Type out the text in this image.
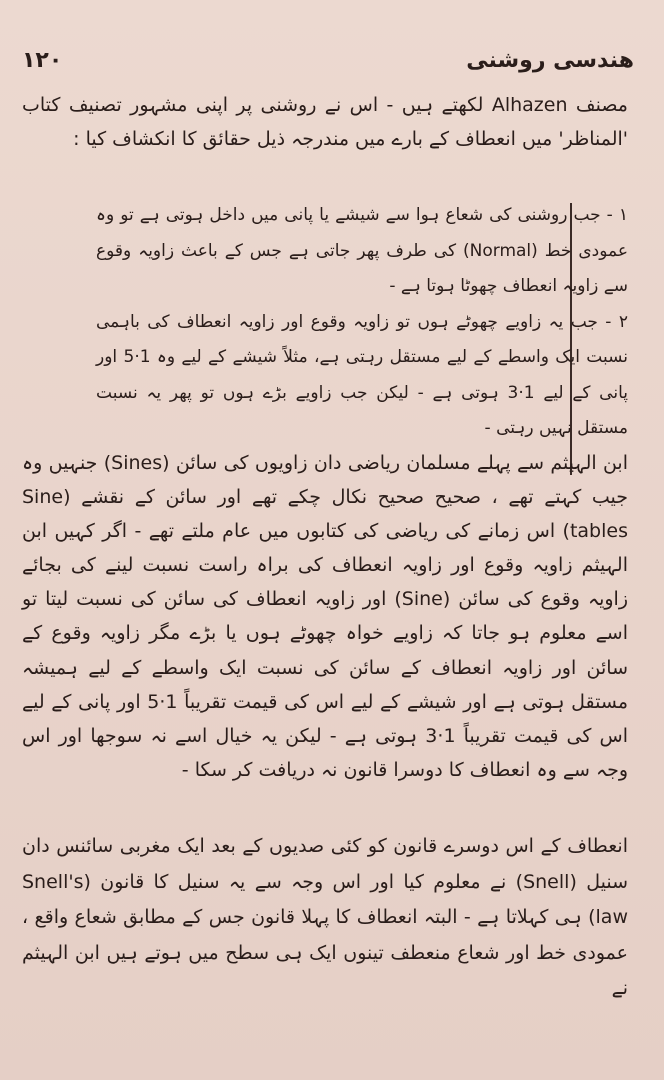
۱۲۰	هندسی روشنی

مصنف Alhazen لکھتے ہیں - اس نے روشنی پر اپنی مشہور تصنیف کتاب 'المناظر' میں انعطاف کے بارے میں مندرجہ ذیل حقائق کا انکشاف کیا :

۱ - جب روشنی کی شعاع ہوا سے شیشے یا پانی میں داخل ہوتی ہے تو وہ عمودی خط (Normal) کی طرف پھر جاتی ہے جس کے باعث زاویہ وقوع سے زاویہ انعطاف چھوٹا ہوتا ہے -

۲ - جب یہ زاویے چھوٹے ہوں تو زاویہ وقوع اور زاویہ انعطاف کی باہمی نسبت ایک واسطے کے لیے مستقل رہتی ہے، مثلاً شیشے کے لیے وہ 1·5 اور پانی کے لیے 1·3 ہوتی ہے - لیکن جب زاویے بڑے ہوں تو پھر یہ نسبت مستقل نہیں رہتی -

ابن الہیثم سے پہلے مسلمان ریاضی دان زاویوں کی سائن (Sines) جنہیں وہ جیب کہتے تھے ، صحیح صحیح نکال چکے تھے اور سائن کے نقشے (Sine tables) اس زمانے کی ریاضی کی کتابوں میں عام ملتے تھے - اگر کہیں ابن الہیثم زاویہ وقوع اور زاویہ انعطاف کی براہ راست نسبت لینے کی بجائے زاویہ وقوع کی سائن (Sine) اور زاویہ انعطاف کی سائن کی نسبت لیتا تو اسے معلوم ہو جاتا کہ زاویے خواہ چھوٹے ہوں یا بڑے مگر زاویہ وقوع کے سائن اور زاویہ انعطاف کے سائن کی نسبت ایک واسطے کے لیے ہمیشہ مستقل ہوتی ہے اور شیشے کے لیے اس کی قیمت تقریباً 1·5 اور پانی کے لیے اس کی قیمت تقریباً 1·3 ہوتی ہے - لیکن یہ خیال اسے نہ سوجھا اور اس وجہ سے وہ انعطاف کا دوسرا قانون نہ دریافت کر سکا -

انعطاف کے اس دوسرے قانون کو کئی صدیوں کے بعد ایک مغربی سائنس دان سنیل (Snell) نے معلوم کیا اور اس وجہ سے یہ سنیل کا قانون (Snell's law) ہی کہلاتا ہے - البتہ انعطاف کا پہلا قانون جس کے مطابق شعاع واقع ، عمودی خط اور شعاع منعطف تینوں ایک ہی سطح میں ہوتے ہیں ابن الہیثم نے
